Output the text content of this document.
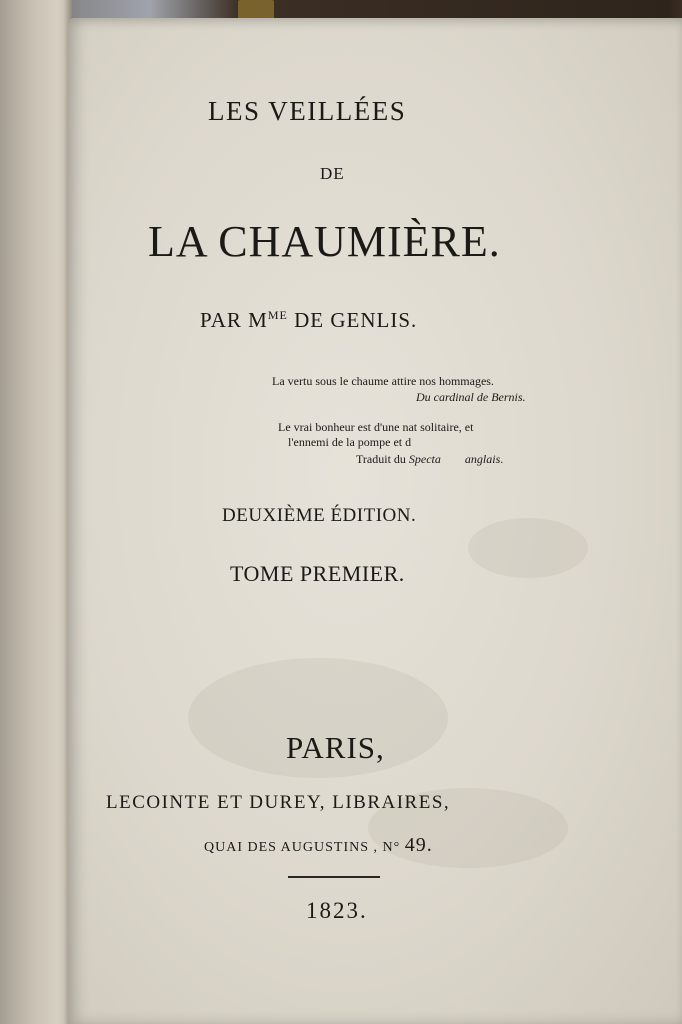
LES VEILLÉES
DE
LA CHAUMIÈRE.
PAR $M^{ME}$ DE GENLIS.
La vertu sous le chaume attire nos hommages.
Du cardinal de Bernis.
Le vrai bonheur est d'une nat solitaire, et
l'ennemi de la pompe et d
Traduit du Specta anglais.
DEUXIÈME ÉDITION.
TOME PREMIER.
PARIS,
LECOINTE ET DUREY, LIBRAIRES,
QUAI DES AUGUSTINS , N° 49.
1823.
